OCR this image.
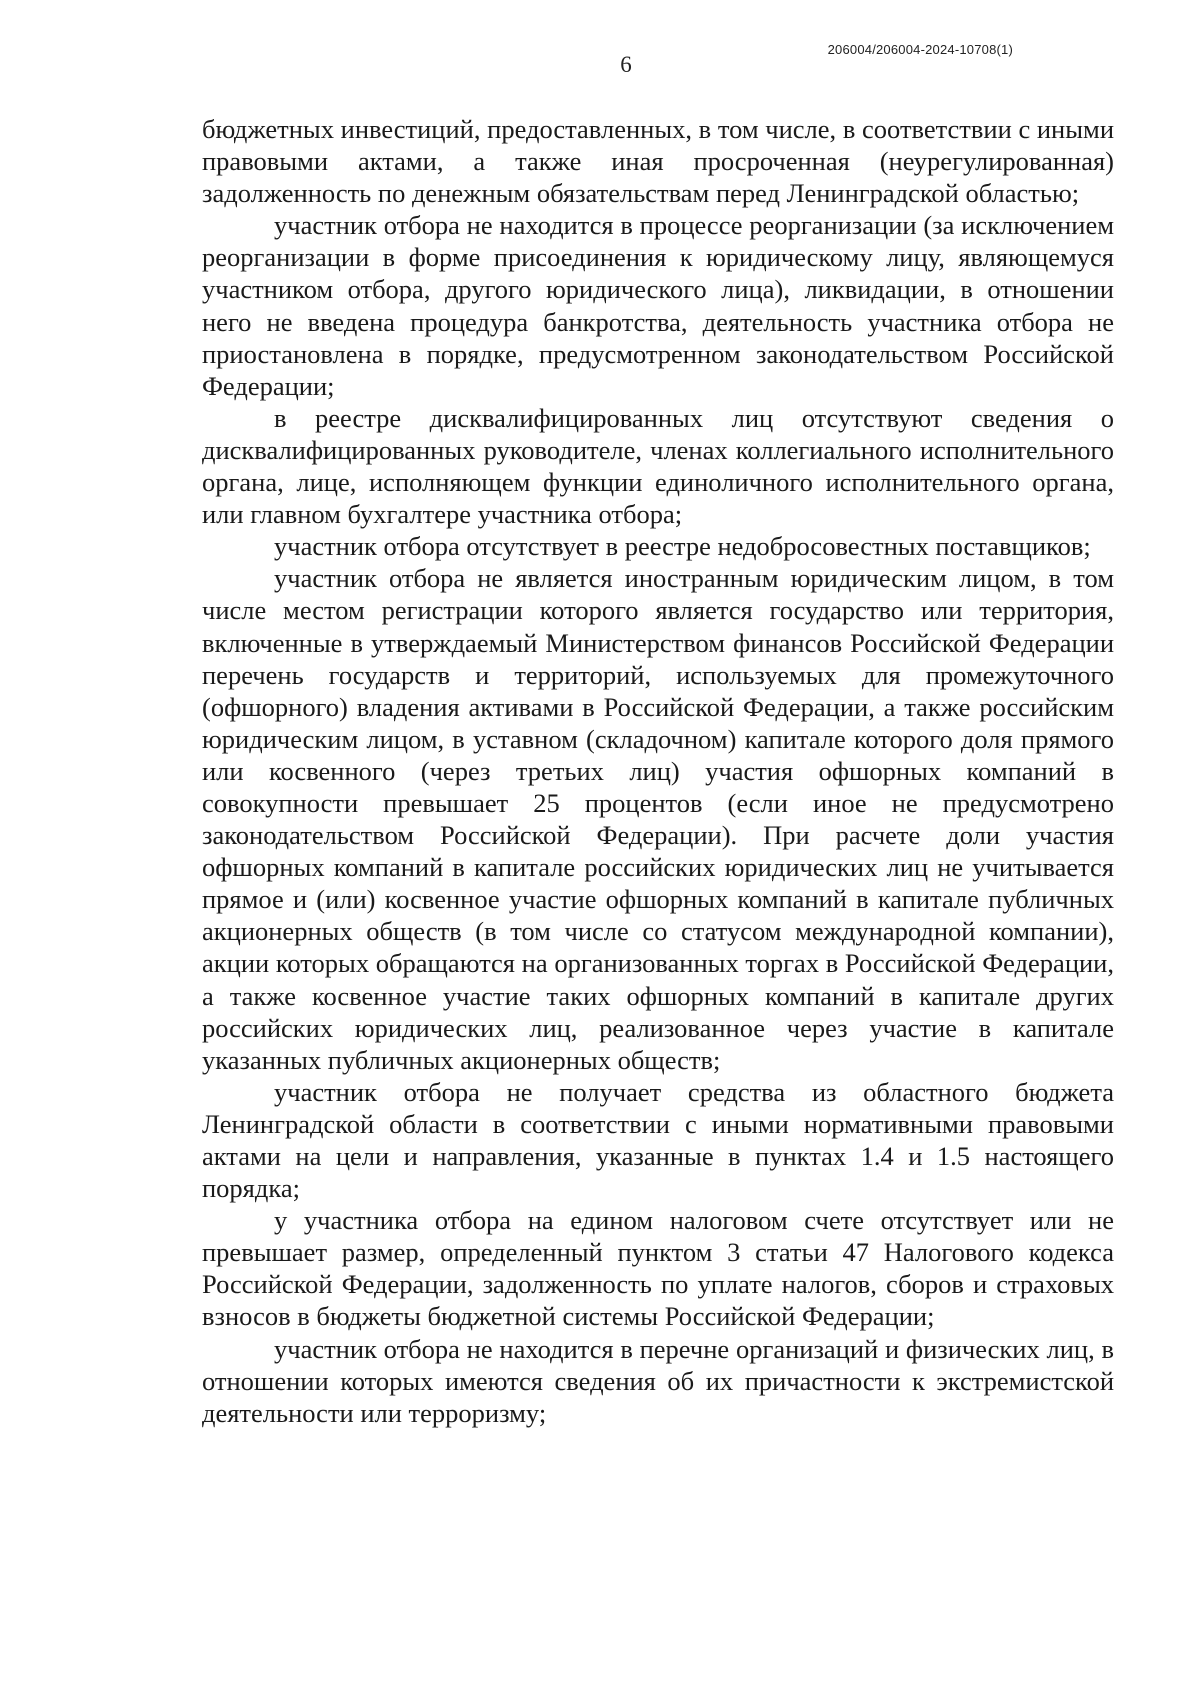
206004/206004-2024-10708(1)
6

бюджетных инвестиций, предоставленных, в том числе, в соответствии с иными правовыми актами, а также иная просроченная (неурегулированная) задолженность по денежным обязательствам перед Ленинградской областью;

участник отбора не находится в процессе реорганизации (за исключением реорганизации в форме присоединения к юридическому лицу, являющемуся участником отбора, другого юридического лица), ликвидации, в отношении него не введена процедура банкротства, деятельность участника отбора не приостановлена в порядке, предусмотренном законодательством Российской Федерации;

в реестре дисквалифицированных лиц отсутствуют сведения о дисквалифицированных руководителе, членах коллегиального исполнительного органа, лице, исполняющем функции единоличного исполнительного органа, или главном бухгалтере участника отбора;

участник отбора отсутствует в реестре недобросовестных поставщиков;

участник отбора не является иностранным юридическим лицом, в том числе местом регистрации которого является государство или территория, включенные в утверждаемый Министерством финансов Российской Федерации перечень государств и территорий, используемых для промежуточного (офшорного) владения активами в Российской Федерации, а также российским юридическим лицом, в уставном (складочном) капитале которого доля прямого или косвенного (через третьих лиц) участия офшорных компаний в совокупности превышает 25 процентов (если иное не предусмотрено законодательством Российской Федерации). При расчете доли участия офшорных компаний в капитале российских юридических лиц не учитывается прямое и (или) косвенное участие офшорных компаний в капитале публичных акционерных обществ (в том числе со статусом международной компании), акции которых обращаются на организованных торгах в Российской Федерации, а также косвенное участие таких офшорных компаний в капитале других российских юридических лиц, реализованное через участие в капитале указанных публичных акционерных обществ;

участник отбора не получает средства из областного бюджета Ленинградской области в соответствии с иными нормативными правовыми актами на цели и направления, указанные в пунктах 1.4 и 1.5 настоящего порядка;

у участника отбора на едином налоговом счете отсутствует или не превышает размер, определенный пунктом 3 статьи 47 Налогового кодекса Российской Федерации, задолженность по уплате налогов, сборов и страховых взносов в бюджеты бюджетной системы Российской Федерации;

участник отбора не находится в перечне организаций и физических лиц, в отношении которых имеются сведения об их причастности к экстремистской деятельности или терроризму;
